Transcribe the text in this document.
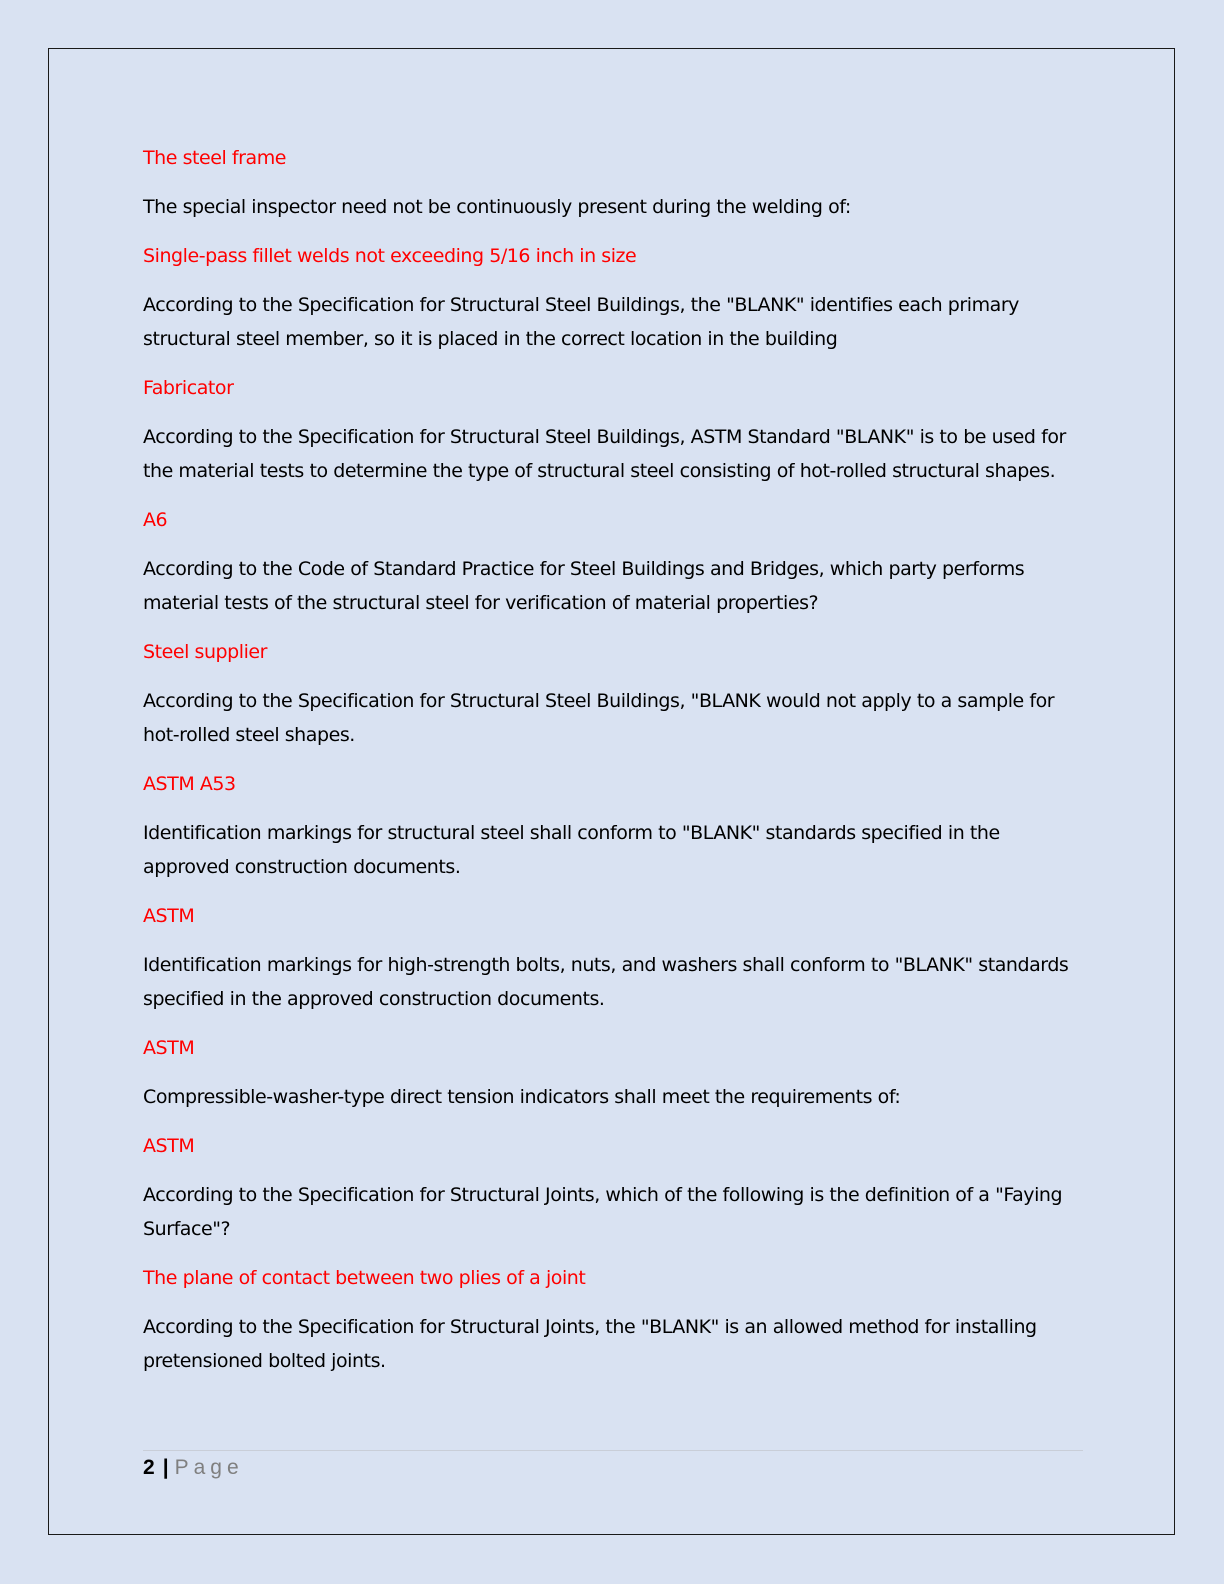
The steel frame

The special inspector need not be continuously present during the welding of:

Single-pass fillet welds not exceeding 5/16 inch in size

According to the Specification for Structural Steel Buildings, the "BLANK" identifies each primary structural steel member, so it is placed in the correct location in the building

Fabricator

According to the Specification for Structural Steel Buildings, ASTM Standard "BLANK" is to be used for the material tests to determine the type of structural steel consisting of hot-rolled structural shapes.

A6

According to the Code of Standard Practice for Steel Buildings and Bridges, which party performs material tests of the structural steel for verification of material properties?

Steel supplier

According to the Specification for Structural Steel Buildings, "BLANK would not apply to a sample for hot-rolled steel shapes.

ASTM A53

Identification markings for structural steel shall conform to "BLANK" standards specified in the approved construction documents.

ASTM

Identification markings for high-strength bolts, nuts, and washers shall conform to "BLANK" standards specified in the approved construction documents.

ASTM

Compressible-washer-type direct tension indicators shall meet the requirements of:

ASTM

According to the Specification for Structural Joints, which of the following is the definition of a "Faying Surface"?

The plane of contact between two plies of a joint

According to the Specification for Structural Joints, the "BLANK" is an allowed method for installing pretensioned bolted joints.

2 | Page
